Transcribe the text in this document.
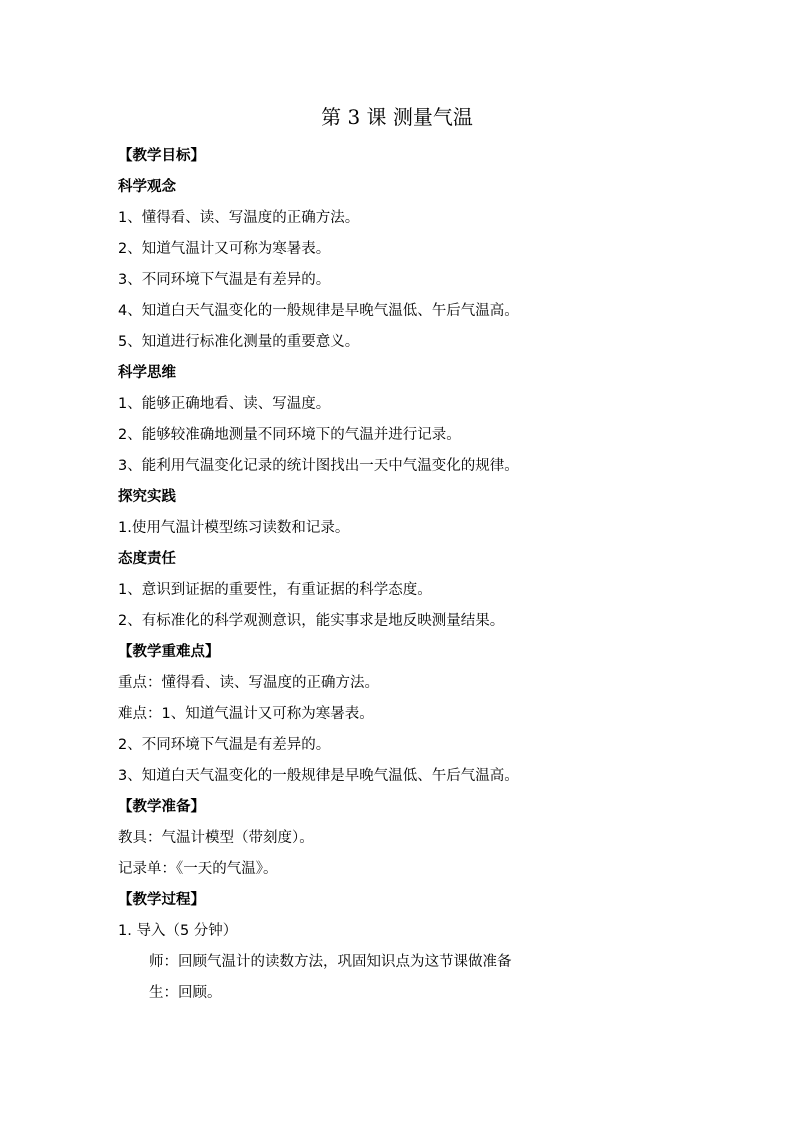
第 3 课 测量气温
【教学目标】
科学观念
1、懂得看、读、写温度的正确方法。
2、知道气温计又可称为寒暑表。
3、不同环境下气温是有差异的。
4、知道白天气温变化的一般规律是早晚气温低、午后气温高。
5、知道进行标准化测量的重要意义。
科学思维
1、能够正确地看、读、写温度。
2、能够较准确地测量不同环境下的气温并进行记录。
3、能利用气温变化记录的统计图找出一天中气温变化的规律。
探究实践
1.使用气温计模型练习读数和记录。
态度责任
1、意识到证据的重要性，有重证据的科学态度。
2、有标准化的科学观测意识，能实事求是地反映测量结果。
【教学重难点】
重点：懂得看、读、写温度的正确方法。
难点：1、知道气温计又可称为寒暑表。
2、不同环境下气温是有差异的。
3、知道白天气温变化的一般规律是早晚气温低、午后气温高。
【教学准备】
教具：气温计模型（带刻度）。
记录单：《一天的气温》。
【教学过程】
1. 导入（5 分钟）
师：回顾气温计的读数方法，巩固知识点为这节课做准备
生：回顾。
